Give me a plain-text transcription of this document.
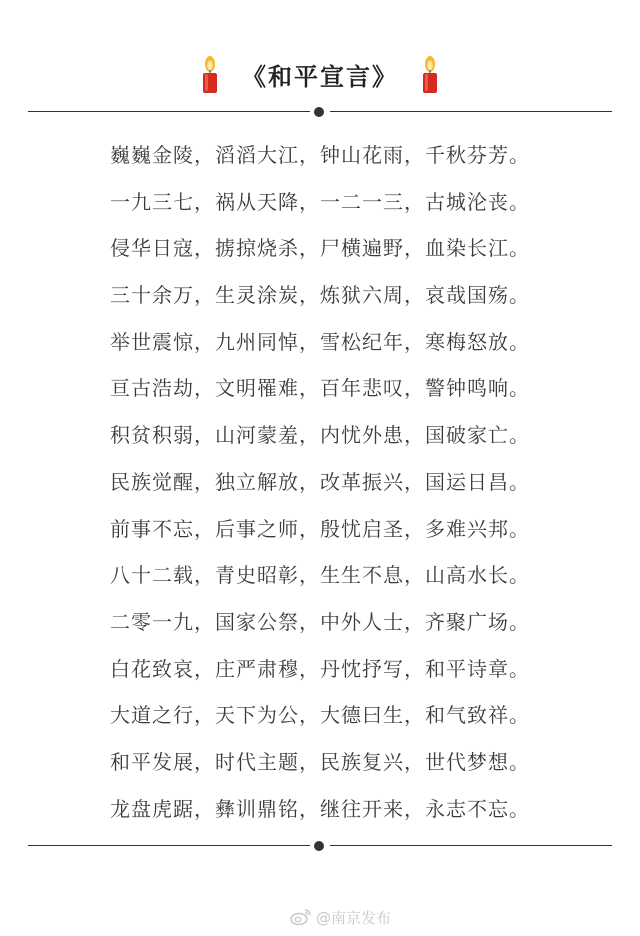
《和平宣言》
巍巍金陵，滔滔大江，钟山花雨，千秋芬芳。
一九三七，祸从天降，一二一三，古城沦丧。
侵华日寇，掳掠烧杀，尸横遍野，血染长江。
三十余万，生灵涂炭，炼狱六周，哀哉国殇。
举世震惊，九州同悼，雪松纪年，寒梅怒放。
亘古浩劫，文明罹难，百年悲叹，警钟鸣响。
积贫积弱，山河蒙羞，内忧外患，国破家亡。
民族觉醒，独立解放，改革振兴，国运日昌。
前事不忘，后事之师，殷忧启圣，多难兴邦。
八十二载，青史昭彰，生生不息，山高水长。
二零一九，国家公祭，中外人士，齐聚广场。
白花致哀，庄严肃穆，丹忱抒写，和平诗章。
大道之行，天下为公，大德曰生，和气致祥。
和平发展，时代主题，民族复兴，世代梦想。
龙盘虎踞，彝训鼎铭，继往开来，永志不忘。
@南京发布
